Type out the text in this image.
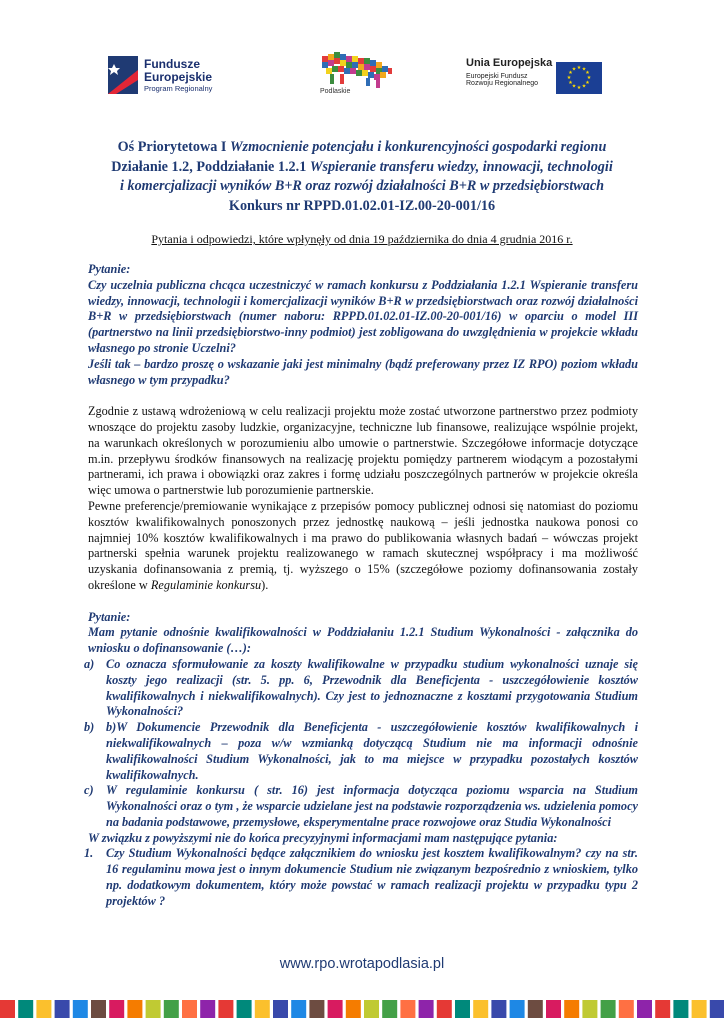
Fundusze
Europejskie
Program Regionalny	Podlaskie
Unia Europejska
Europejski Fundusz
Rozwoju Regionalnego
★ ★
★
★
★
★
★
★
★
★
★
★
Oś Priorytetowa I Wzmocnienie potencjału i konkurencyjności gospodarki regionu
Działanie 1.2, Poddziałanie 1.2.1 Wspieranie transferu wiedzy, innowacji, technologii
i komercjalizacji wyników B+R oraz rozwój działalności B+R w przedsiębiorstwach
Konkurs nr RPPD.01.02.01-IZ.00-20-001/16
Pytania i odpowiedzi, które wpłynęły od dnia 19 października do dnia 4 grudnia 2016 r.

Pytanie:

Czy uczelnia publiczna chcąca uczestniczyć w ramach konkursu z Poddziałania 1.2.1 Wspieranie transferu wiedzy, innowacji, technologii i komercjalizacji wyników B+R w przedsiębiorstwach oraz rozwój działalności B+R w przedsiębiorstwach (numer naboru: RPPD.01.02.01-IZ.00-20-001/16) w oparciu o model III (partnerstwo na linii przedsiębiorstwo-inny podmiot) jest zobligowana do uwzględnienia w projekcie wkładu własnego po stronie Uczelni?

Jeśli tak – bardzo proszę o wskazanie jaki jest minimalny (bądź preferowany przez IZ RPO) poziom wkładu własnego w tym przypadku?

Zgodnie z ustawą wdrożeniową w celu realizacji projektu może zostać utworzone partnerstwo przez podmioty wnoszące do projektu zasoby ludzkie, organizacyjne, techniczne lub finansowe, realizujące wspólnie projekt, na warunkach określonych w porozumieniu albo umowie o partnerstwie. Szczegółowe informacje dotyczące m.in. przepływu środków finansowych na realizację projektu pomiędzy partnerem wiodącym a pozostałymi partnerami, ich prawa i obowiązki oraz zakres i formę udziału poszczególnych partnerów w projekcie określa więc umowa o partnerstwie lub porozumienie partnerskie.

Pewne preferencje/premiowanie wynikające z przepisów pomocy publicznej odnosi się natomiast do poziomu kosztów kwalifikowalnych ponoszonych przez jednostkę naukową – jeśli jednostka naukowa ponosi co najmniej 10% kosztów kwalifikowalnych i ma prawo do publikowania własnych badań – wówczas projekt partnerski spełnia warunek projektu realizowanego w ramach skutecznej współpracy i ma możliwość uzyskania dofinansowania z premią, tj. wyższego o 15% (szczegółowe poziomy dofinansowania zostały określone w Regulaminie konkursu).

Pytanie:

Mam pytanie odnośnie kwalifikowalności w Poddziałaniu 1.2.1 Studium Wykonalności - załącznika do wniosku o dofinansowanie (…):

a) Co oznacza sformułowanie za koszty kwalifikowalne w przypadku studium wykonalności uznaje się koszty jego realizacji (str. 5. pp. 6, Przewodnik dla Beneficjenta - uszczegółowienie kosztów kwalifikowalnych i niekwalifikowalnych). Czy jest to jednoznaczne z kosztami przygotowania Studium Wykonalności?
b) b)W Dokumencie Przewodnik dla Beneficjenta - uszczegółowienie kosztów kwalifikowalnych i niekwalifikowalnych – poza w/w wzmianką dotyczącą Studium nie ma informacji odnośnie kwalifikowalności Studium Wykonalności, jak to ma miejsce w przypadku pozostałych kosztów kwalifikowalnych.
c) W regulaminie konkursu ( str. 16) jest informacja dotycząca poziomu wsparcia na Studium Wykonalności oraz o tym , że wsparcie udzielane jest na podstawie rozporządzenia ws. udzielenia pomocy na badania podstawowe, przemysłowe, eksperymentalne prace rozwojowe oraz Studia Wykonalności

W związku z powyższymi nie do końca precyzyjnymi informacjami mam następujące pytania:

1. Czy Studium Wykonalności będące załącznikiem do wniosku jest kosztem kwalifikowalnym? czy na str. 16 regulaminu mowa jest o innym dokumencie Studium nie związanym bezpośrednio z wnioskiem, tylko np. dodatkowym dokumentem, który może powstać w ramach realizacji projektu w przypadku typu 2 projektów ?
www.rpo.wrotapodlasia.pl
